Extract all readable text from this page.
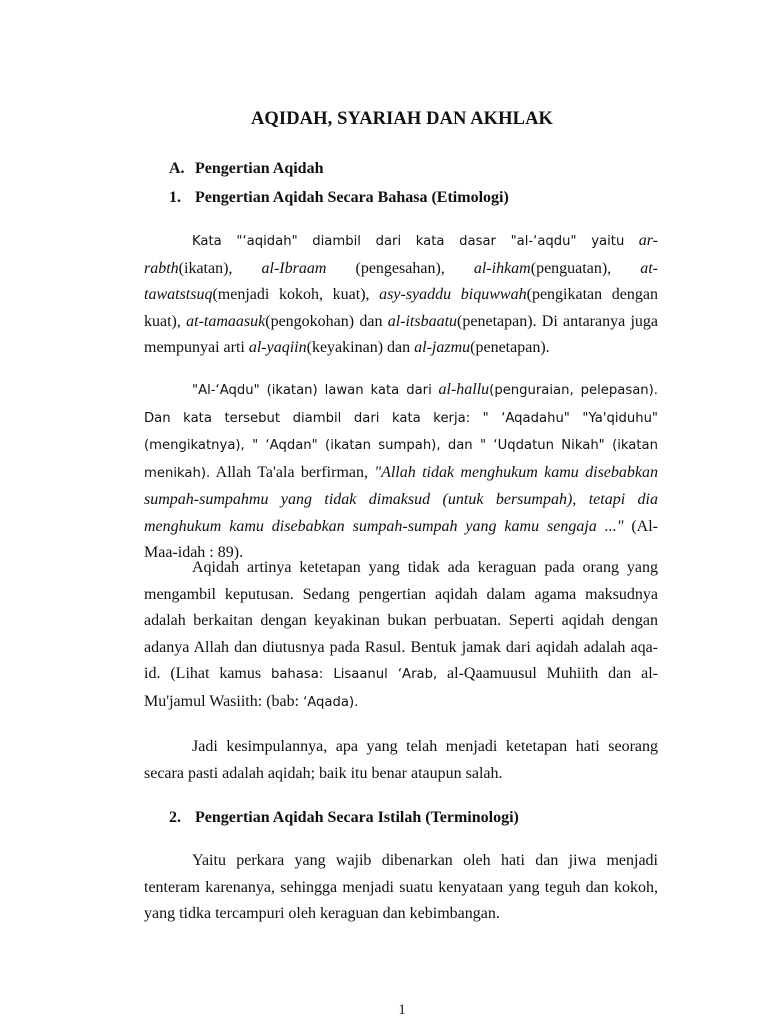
AQIDAH, SYARIAH DAN AKHLAK
A. Pengertian Aqidah
1. Pengertian Aqidah Secara Bahasa (Etimologi)

Kata "‘aqidah" diambil dari kata dasar "al-‘aqdu" yaitu ar-rabth(ikatan), al-Ibraam (pengesahan), al-ihkam(penguatan), at-tawatstsuq(menjadi kokoh, kuat), asy-syaddu biquwwah(pengikatan dengan kuat), at-tamaasuk(pengokohan) dan al-itsbaatu(penetapan). Di antaranya juga mempunyai arti al-yaqiin(keyakinan) dan al-jazmu(penetapan).

"Al-‘Aqdu" (ikatan) lawan kata dari al-hallu(penguraian, pelepasan). Dan kata tersebut diambil dari kata kerja: " ‘Aqadahu" "Ya'qiduhu" (mengikatnya), " ‘Aqdan" (ikatan sumpah), dan " ‘Uqdatun Nikah" (ikatan menikah). Allah Ta'ala berfirman, "Allah tidak menghukum kamu disebabkan sumpah-sumpahmu yang tidak dimaksud (untuk bersumpah), tetapi dia menghukum kamu disebabkan sumpah-sumpah yang kamu sengaja ..." (Al-Maa-idah : 89).

Aqidah artinya ketetapan yang tidak ada keraguan pada orang yang mengambil keputusan. Sedang pengertian aqidah dalam agama maksudnya adalah berkaitan dengan keyakinan bukan perbuatan. Seperti aqidah dengan adanya Allah dan diutusnya pada Rasul. Bentuk jamak dari aqidah adalah aqa-id. (Lihat kamus bahasa: Lisaanul ‘Arab, al-Qaamuusul Muhiith dan al-Mu'jamul Wasiith: (bab: ‘Aqada).

Jadi kesimpulannya, apa yang telah menjadi ketetapan hati seorang secara pasti adalah aqidah; baik itu benar ataupun salah.

2. Pengertian Aqidah Secara Istilah (Terminologi)

Yaitu perkara yang wajib dibenarkan oleh hati dan jiwa menjadi tenteram karenanya, sehingga menjadi suatu kenyataan yang teguh dan kokoh, yang tidka tercampuri oleh keraguan dan kebimbangan.

1
